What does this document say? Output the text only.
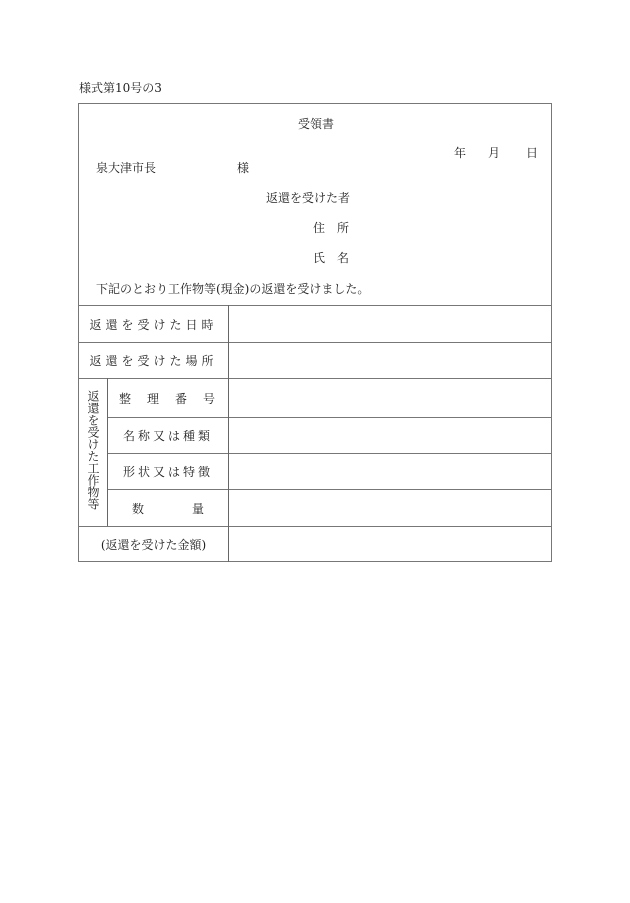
様式第10号の3
受領書
年 月 日
泉大津市長	様
返還を受けた者
住　所
氏　名
下記のとおり工作物等(現金)の返還を受けました。
返還を受けた日時
返還を受けた場所
返還を受けた工作物等	整　理　番　号
名称又は種類
形状又は特徴
数　　　　量
(返還を受けた金額)
